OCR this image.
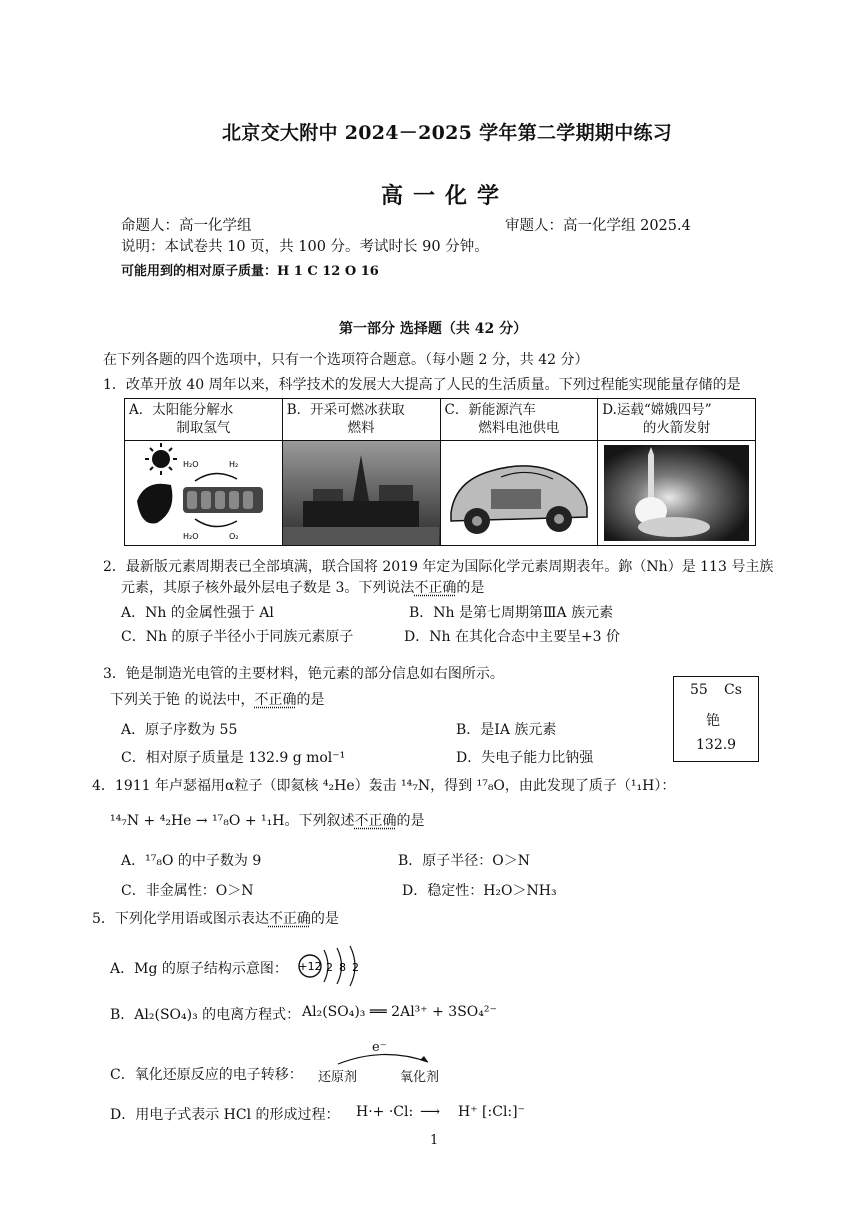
北京交大附中 2024－2025 学年第二学期期中练习
高一化学
命题人：高一化学组	审题人：高一化学组 2025.4
说明：本试卷共 10 页，共 100 分。考试时长 90 分钟。
可能用到的相对原子质量：H 1 C 12 O 16
第一部分 选择题（共 42 分）
在下列各题的四个选项中，只有一个选项符合题意。（每小题 2 分，共 42 分）
1．改革开放 40 周年以来，科学技术的发展大大提高了人民的生活质量。下列过程能实现能量存储的是
A．太阳能分解水
制取氢气
H₂O	H₂
H₂O	O₂

B．开采可燃冰获取
燃料

C．新能源汽车
燃料电池供电

D.运载“嫦娥四号”
的火箭发射
2．最新版元素周期表已全部填满，联合国将 2019 年定为国际化学元素周期表年。鉨（Nh）是 113 号主族
元素，其原子核外最外层电子数是 3。下列说法不正确的是
A．Nh 的金属性强于 Al	B．Nh 是第七周期第ⅢA 族元素
C．Nh 的原子半径小于同族元素原子	D．Nh 在其化合态中主要呈+3 价
3．铯是制造光电管的主要材料，铯元素的部分信息如右图所示。
下列关于铯 的说法中，不正确的是
A．原子序数为 55	B．是ⅠA 族元素
C．相对原子质量是 132.9 g mol⁻¹	D．失电子能力比钠强
55 Cs
铯
132.9
4．1911 年卢瑟福用α粒子（即氦核 ⁴₂He）轰击 ¹⁴₇N，得到 ¹⁷₈O，由此发现了质子（¹₁H）：
¹⁴₇N + ⁴₂He → ¹⁷₈O + ¹₁H。下列叙述不正确的是
A．¹⁷₈O 的中子数为 9	B．原子半径：O＞N
C．非金属性：O＞N	D．稳定性：H₂O＞NH₃
5．下列化学用语或图示表达不正确的是
A．Mg 的原子结构示意图： +12 2 8 2
B．Al₂(SO₄)₃ 的电离方程式： Al₂(SO₄)₃ ══ 2Al³⁺ + 3SO₄²⁻
e⁻
C．氧化还原反应的电子转移： 还原剂	氧化剂
D．用电子式表示 HCl 的形成过程： H·+ ·Cl: ⟶ H⁺ [:Cl:]⁻
1
